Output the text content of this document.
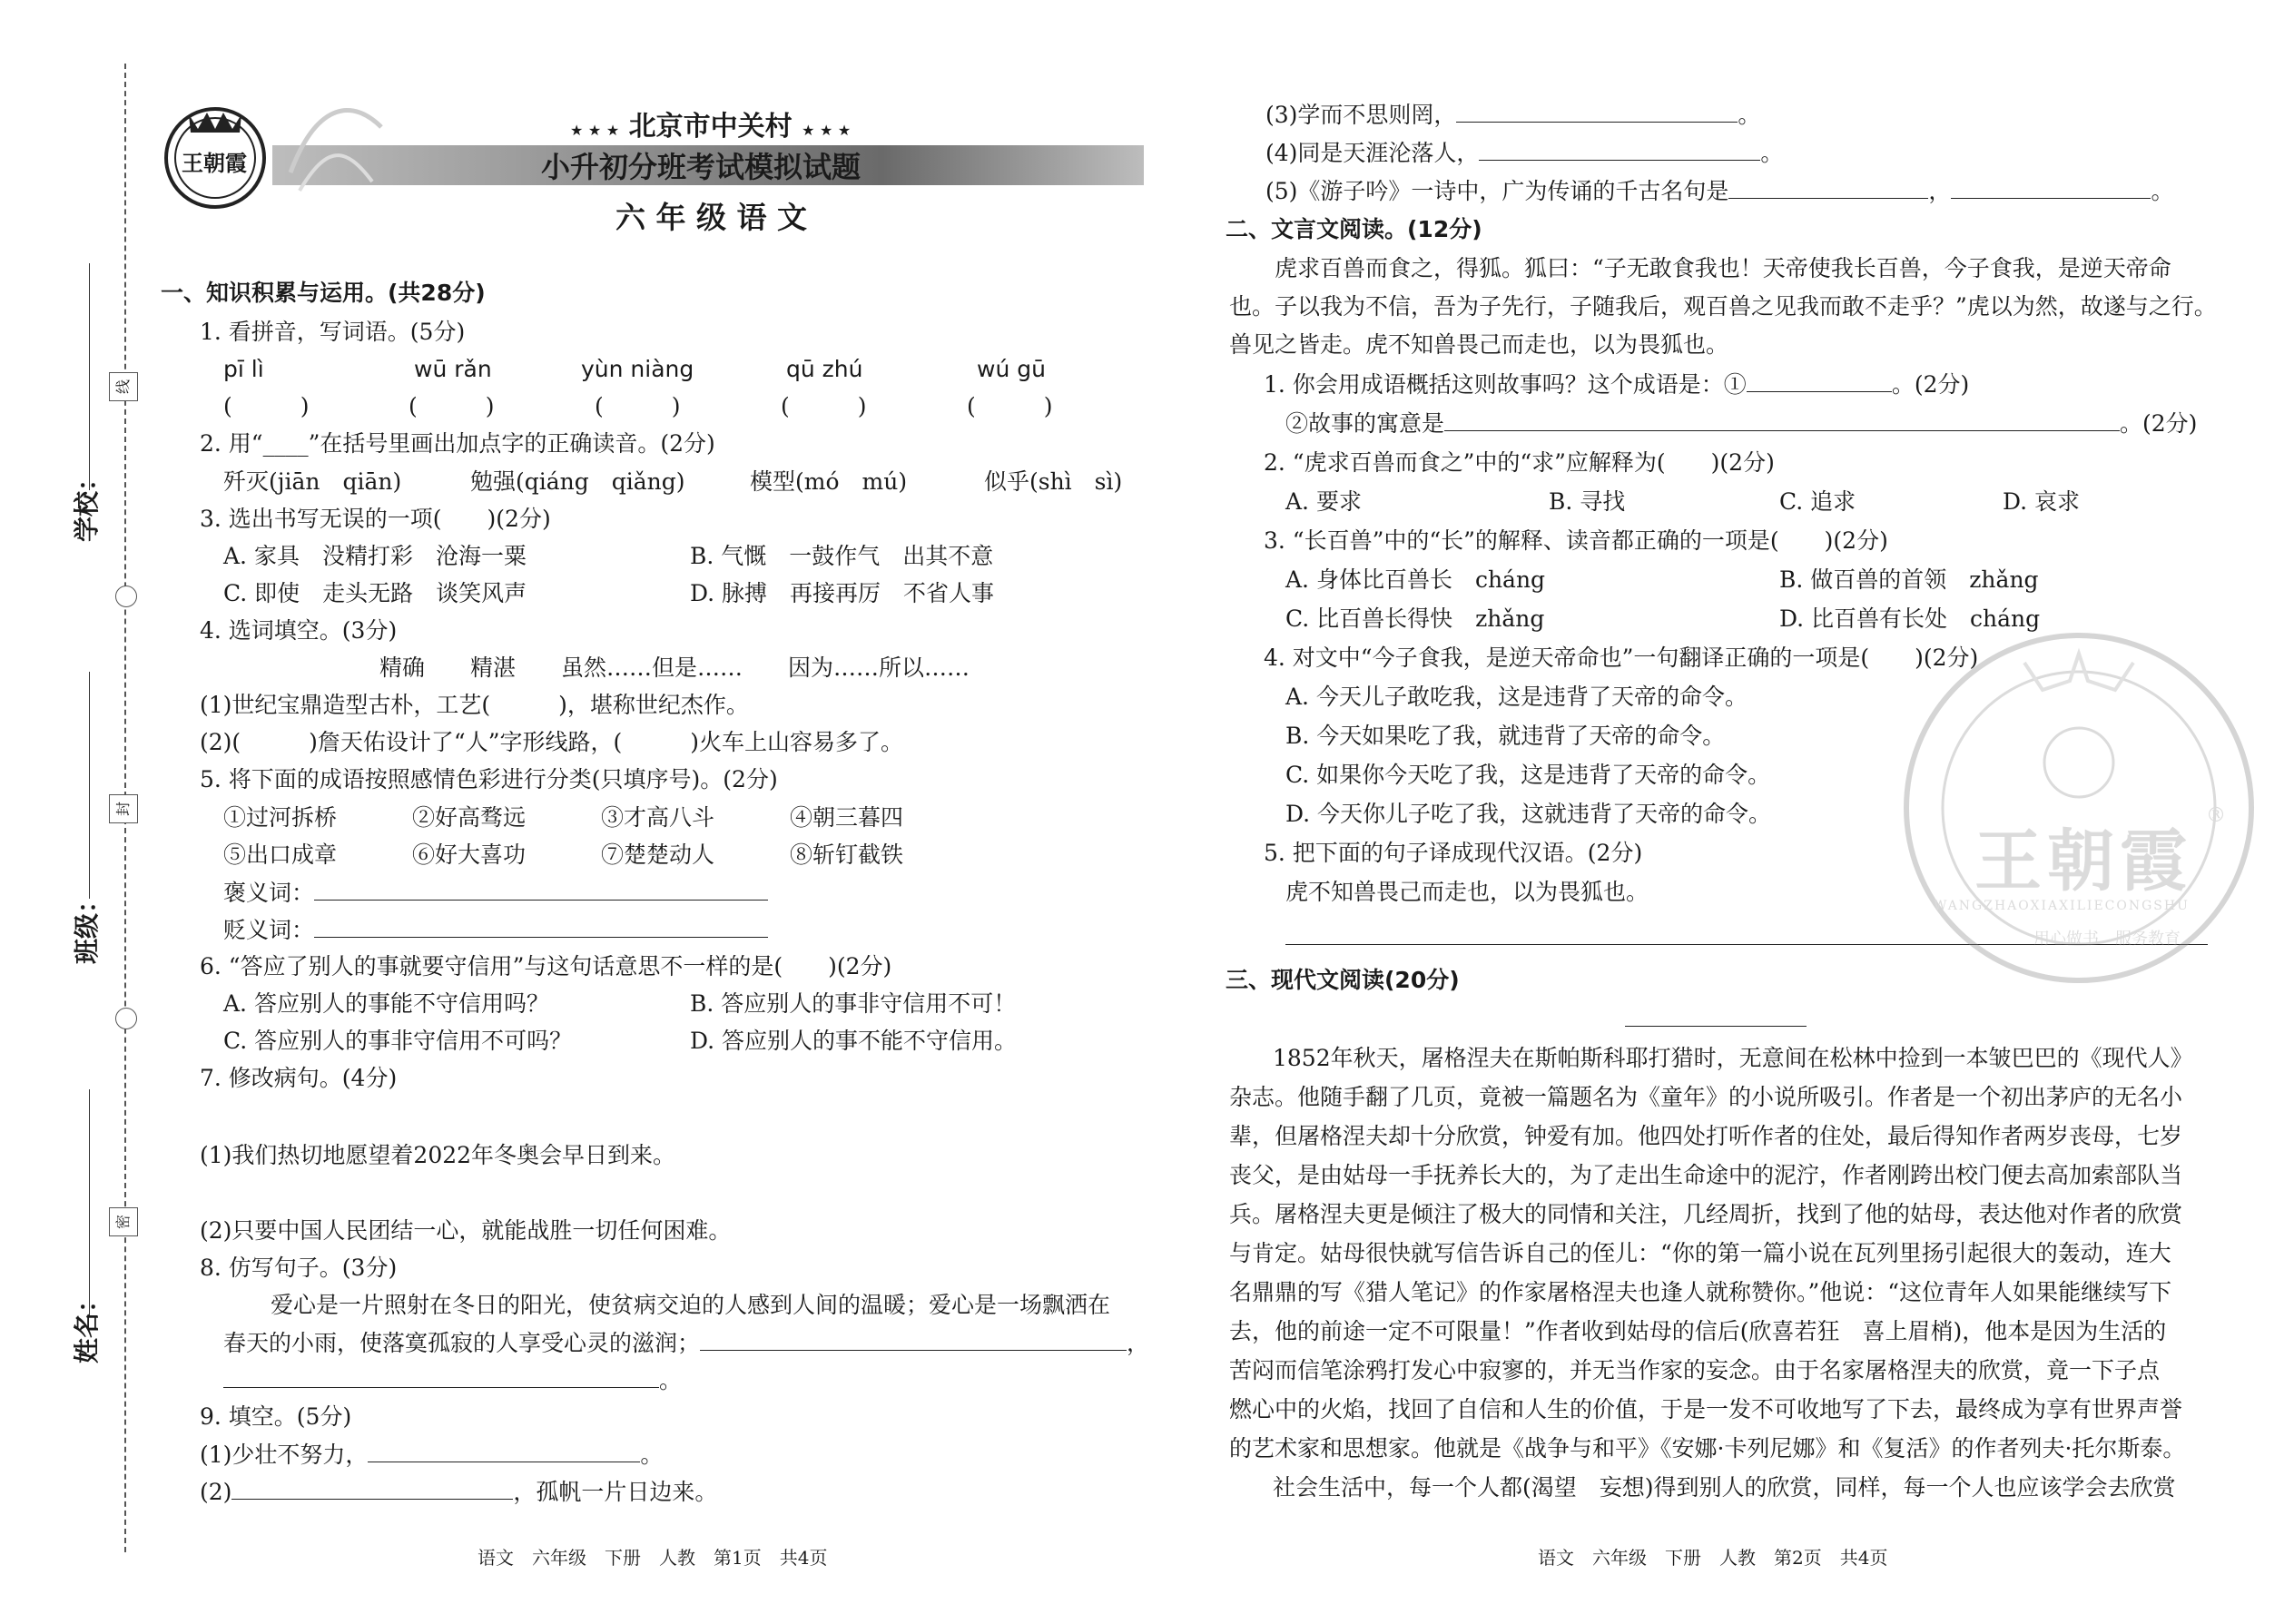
学校：
班级：
姓名：
线
封
密
王朝霞
★ ★ ★ 北京市中关村 ★ ★ ★
小升初分班考试模拟试题
六 年 级 语 文
一、知识积累与运用。(共28分)
1. 看拼音，写词语。(5分)
pī lì	wū rǎn	yùn niàng	qū zhú	wú gū
(　　　)	(　　　)	(　　　)	(　　　)	(　　　)
2. 用“____”在括号里画出加点字的正确读音。(2分)
歼灭(jiān　qiān)	勉强(qiáng　qiǎng)	模型(mó　mú)	似乎(shì　sì)
3. 选出书写无误的一项(　　)(2分)
A. 家具　没精打彩　沧海一粟	B. 气慨　一鼓作气　出其不意
C. 即使　走头无路　谈笑风声	D. 脉搏　再接再厉　不省人事
4. 选词填空。(3分)
精确　　精湛　　虽然……但是……　　因为……所以……
(1)世纪宝鼎造型古朴，工艺(　　　)，堪称世纪杰作。
(2)(　　　)詹天佑设计了“人”字形线路，(　　　)火车上山容易多了。
5. 将下面的成语按照感情色彩进行分类(只填序号)。(2分)
①过河拆桥	②好高骛远	③才高八斗	④朝三暮四
⑤出口成章	⑥好大喜功	⑦楚楚动人	⑧斩钉截铁
褒义词：
贬义词：
6. “答应了别人的事就要守信用”与这句话意思不一样的是(　　)(2分)
A. 答应别人的事能不守信用吗？	B. 答应别人的事非守信用不可！
C. 答应别人的事非守信用不可吗？	D. 答应别人的事不能不守信用。
7. 修改病句。(4分)
(1)我们热切地愿望着2022年冬奥会早日到来。
(2)只要中国人民团结一心，就能战胜一切任何困难。
8. 仿写句子。(3分)
爱心是一片照射在冬日的阳光，使贫病交迫的人感到人间的温暖；爱心是一场飘洒在
春天的小雨，使落寞孤寂的人享受心灵的滋润；	，
。
9. 填空。(5分)
(1)少壮不努力，	。
(2)	，孤帆一片日边来。
语文　六年级　下册　人教　第1页　共4页
(3)学而不思则罔，	。
(4)同是天涯沦落人，	。
(5)《游子吟》一诗中，广为传诵的千古名句是	，	。
二、文言文阅读。(12分)
虎求百兽而食之，得狐。狐曰：“子无敢食我也！天帝使我长百兽，今子食我，是逆天帝命
也。子以我为不信，吾为子先行，子随我后，观百兽之见我而敢不走乎？”虎以为然，故遂与之行。
兽见之皆走。虎不知兽畏己而走也，以为畏狐也。
1. 你会用成语概括这则故事吗？这个成语是：①	。(2分)
②故事的寓意是	。(2分)
2. “虎求百兽而食之”中的“求”应解释为(　　)(2分)
A. 要求	B. 寻找	C. 追求	D. 哀求
3. “长百兽”中的“长”的解释、读音都正确的一项是(　　)(2分)
A. 身体比百兽长　cháng	B. 做百兽的首领　zhǎng
C. 比百兽长得快　zhǎng	D. 比百兽有长处　cháng
4. 对文中“今子食我，是逆天帝命也”一句翻译正确的一项是(　　)(2分)
A. 今天儿子敢吃我，这是违背了天帝的命令。
B. 今天如果吃了我，就违背了天帝的命令。
C. 如果你今天吃了我，这是违背了天帝的命令。
D. 今天你儿子吃了我，这就违背了天帝的命令。
5. 把下面的句子译成现代汉语。(2分)
虎不知兽畏己而走也，以为畏狐也。
三、现代文阅读(20分)
1852年秋天，屠格涅夫在斯帕斯科耶打猎时，无意间在松林中捡到一本皱巴巴的《现代人》
杂志。他随手翻了几页，竟被一篇题名为《童年》的小说所吸引。作者是一个初出茅庐的无名小
辈，但屠格涅夫却十分欣赏，钟爱有加。他四处打听作者的住处，最后得知作者两岁丧母，七岁
丧父，是由姑母一手抚养长大的，为了走出生命途中的泥泞，作者刚跨出校门便去高加索部队当
兵。屠格涅夫更是倾注了极大的同情和关注，几经周折，找到了他的姑母，表达他对作者的欣赏
与肯定。姑母很快就写信告诉自己的侄儿：“你的第一篇小说在瓦列里扬引起很大的轰动，连大
名鼎鼎的写《猎人笔记》的作家屠格涅夫也逢人就称赞你。”他说：“这位青年人如果能继续写下
去，他的前途一定不可限量！”作者收到姑母的信后(欣喜若狂　喜上眉梢)，他本是因为生活的
苦闷而信笔涂鸦打发心中寂寥的，并无当作家的妄念。由于名家屠格涅夫的欣赏，竟一下子点
燃心中的火焰，找回了自信和人生的价值，于是一发不可收地写了下去，最终成为享有世界声誉
的艺术家和思想家。他就是《战争与和平》《安娜·卡列尼娜》和《复活》的作者列夫·托尔斯泰。
社会生活中，每一个人都(渴望　妄想)得到别人的欣赏，同样，每一个人也应该学会去欣赏
王朝霞
®
WANGZHAOXIAXILIECONGSHU
用心做书　服务教育
语文　六年级　下册　人教　第2页　共4页
